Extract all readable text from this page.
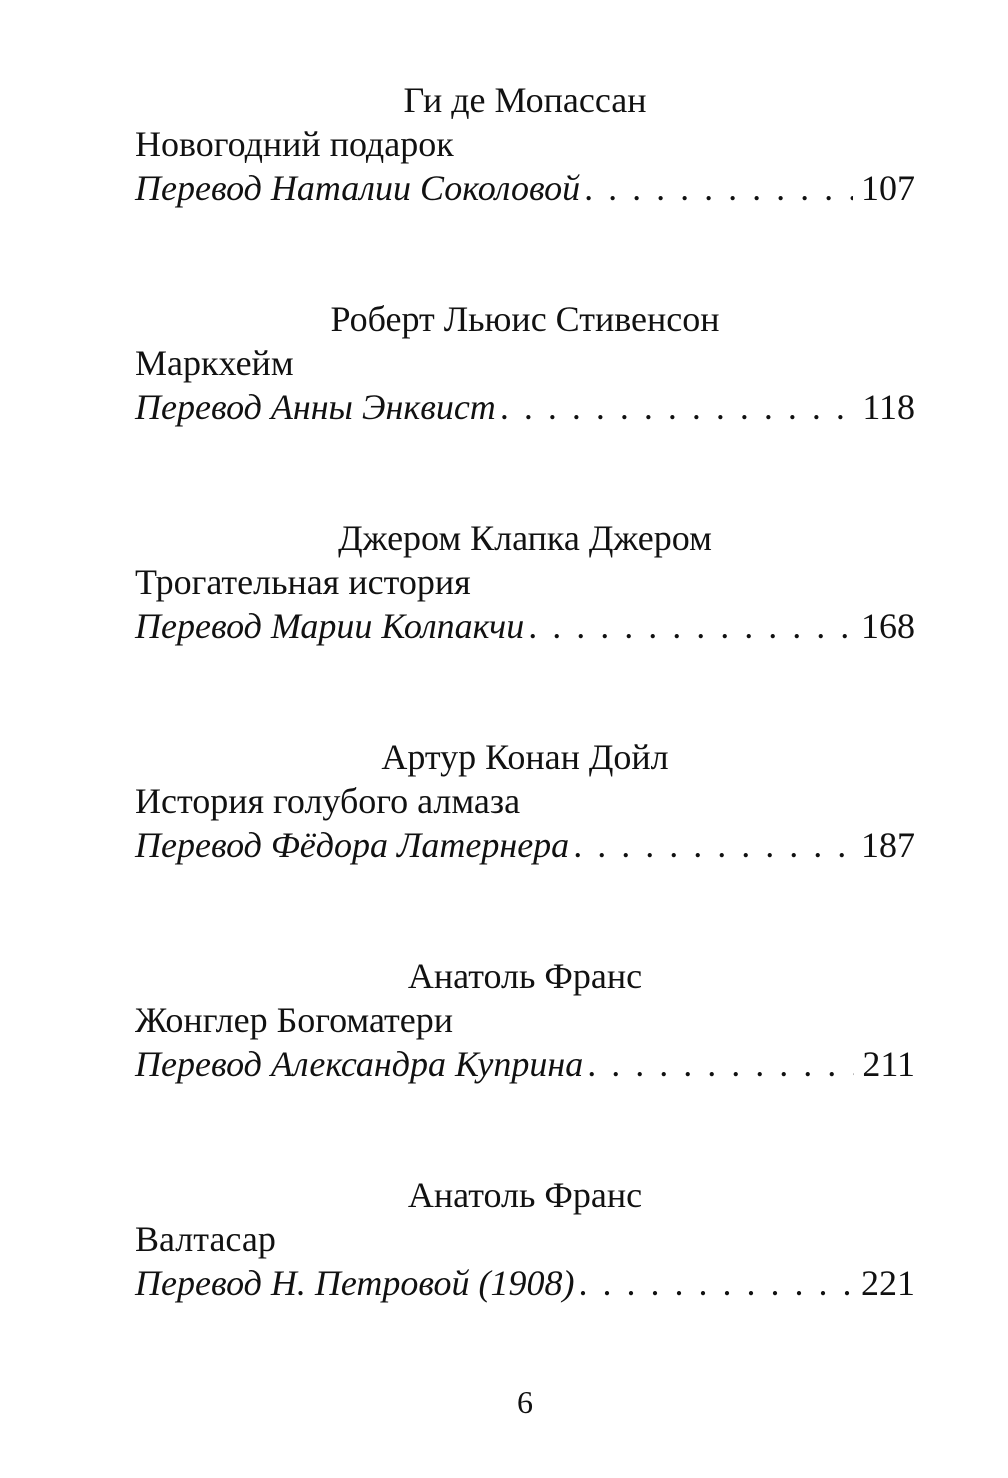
Ги де Мопассан
Новогодний подарок
Перевод Наталии Соколовой . . .	107
Роберт Льюис Стивенсон
Маркхейм
Перевод Анны Энквист . . .	118
Джером Клапка Джером
Трогательная история
Перевод Марии Колпакчи . . .	168
Артур Конан Дойл
История голубого алмаза
Перевод Фёдора Латернера . . .	187
Анатоль Франс
Жонглер Богоматери
Перевод Александра Куприна . . .	211
Анатоль Франс
Валтасар
Перевод Н. Петровой (1908) . . .	221
6
